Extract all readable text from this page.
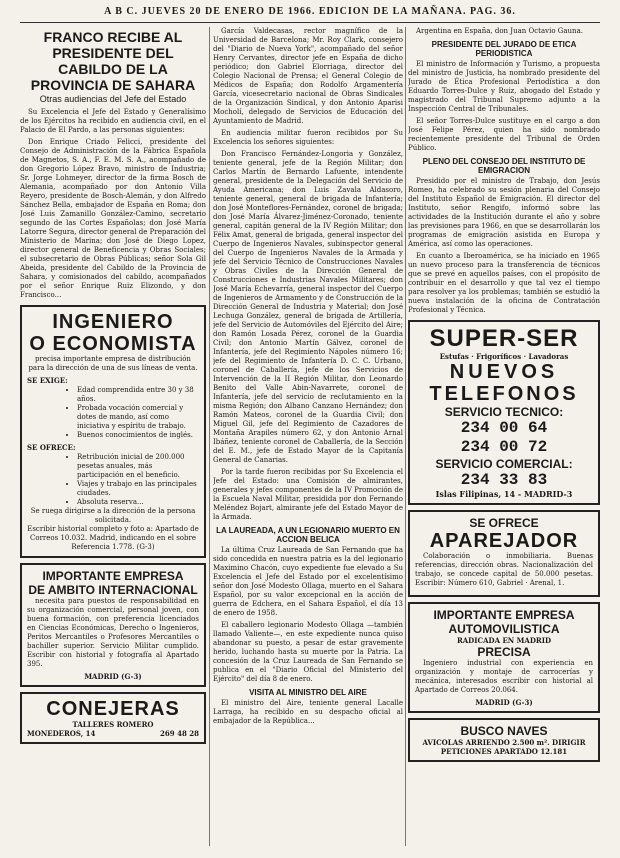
A B C. JUEVES 20 DE ENERO DE 1966. EDICION DE LA MAÑANA. PAG. 36.
FRANCO RECIBE AL PRESIDENTE DEL CABILDO DE LA PROVINCIA DE SAHARA
Otras audiencias del Jefe del Estado

Su Excelencia el Jefe del Estado y Generalísimo de los Ejércitos ha recibido en audiencia civil, en el Palacio de El Pardo, a las personas siguientes:

Don Enrique Criado Felicci, presidente del Consejo de Administración de la Fábrica Española de Magnetos, S. A., F. E. M. S. A., acompañado de don Gregorio López Bravo, ministro de Industria; Sr. Jorge Lohmeyer, director de la firma Bosch de Alemania, acompañado por don Antonio Villa Reyero, presidente de Bosch-Alemán, y don Alfredo Sánchez Bella, embajador de España en Roma; don José Luis Zamanillo González-Camino, secretario segundo de las Cortes Españolas; don José María Latorre Segura, director general de Preparación del Ministerio de Marina; don José de Diego Lopez, director general de Beneficencia y Obras Sociales; el subsecretario de Obras Públicas; señor Sola Gil Abeida, presidente del Cabildo de la Provincia de Sahara, y comisionados del cabildo, acompañados por el señor Enrique Ruiz Elizondo, y don Francisco...

INGENIERO
O ECONOMISTA
precisa importante empresa de distribución para la dirección de una de sus líneas de venta.
SE EXIGE:
• Edad comprendida entre 30 y 38 años.
• Probada vocación comercial y dotes de mando, así como iniciativa y espíritu de trabajo.
• Buenos conocimientos de inglés.
SE OFRECE:
• Retribución inicial de 200.000 pesetas anuales, más participación en el beneficio.
• Viajes y trabajo en las principales ciudades.
• Absoluta reserva...
Se ruega dirigirse a la dirección de la persona solicitada.
Escribir historial completo y foto a: Apartado de Correos 10.032. Madrid, indicando en el sobre Referencia 1.778. (G-3)
IMPORTANTE EMPRESA
DE AMBITO INTERNACIONAL

necesita para puestos de responsabilidad en su organización comercial, personal joven, con buena formación, con preferencia licenciados en Ciencias Económicas, Derecho o Ingenieros, Peritos Mercantiles o Profesores Mercantiles o bachiller superior. Servicio Militar cumplido. Escribir con historial y fotografía al Apartado 395.

MADRID (G-3)
CONEJERAS
TALLERES ROMERO
MONEDEROS, 14	269 48 28

García Valdecasas, rector magnífico de la Universidad de Barcelona; Mr. Roy Clark, consejero del "Diario de Nueva York", acompañado del señor Henry Cervantes, director jefe en España de dicho periódico; don Gabriel Elorriaga, director del Colegio Nacional de Prensa; el General Colegio de Médicos de España; don Rodolfo Argamentería García, vicesecretario nacional de Obras Sindicales de la Organización Sindical, y don Antonio Aparisi Mocholí, delegado de Servicios de Educación del Ayuntamiento de Madrid.

En audiencia militar fueron recibidos por Su Excelencia los señores siguientes:

Don Francisco Fernández-Longoria y González, teniente general, jefe de la Región Militar; don Carlos Martín de Bernardo Lafuente, intendente general, presidente de la Delegación del Servicio de Ayuda Americana; don Luis Zavala Aldasoro, teniente general, general de brigada de Infantería; don José Monteflores-Fernández, coronel de brigada; don José María Álvarez-Jiménez-Coronado, teniente general, capitán general de la IV Región Militar; don Félix Amat, general de brigada, general inspector del Cuerpo de Ingenieros Navales, subinspector general del Cuerpo de Ingenieros Navales de la Armada y jefe del Servicio Técnico de Construcciones Navales y Obras Civiles de la Dirección General de Construcciones e Industrias Navales Militares; don José María Echevarría, general inspector del Cuerpo de Ingenieros de Armamento y de Construcción de la Dirección General de Industria y Material; don José Lechuga González, general de brigada de Artillería, jefe del Servicio de Automóviles del Ejército del Aire; don Ramón Losada Pérez, coronel de la Guardia Civil; don Antonio Martín Gálvez, coronel de Infantería, jefe del Regimiento Nápoles número 16; jefe del Regimiento de Infantería D. C. C. Urbano, coronel de Caballería, jefe de los Servicios de Intervención de la II Región Militar, don Leonardo Benito del Valle Abin-Navarrete, coronel de Infantería, jefe del servicio de reclutamiento en la misma Región; don Albano Canzano Hernández; don Ramón Mateos, coronel de la Guardia Civil; don Miguel Gil, jefe del Regimiento de Cazadores de Montaña Arapiles número 62, y don Antonio Arnal Ibáñez, teniente coronel de Caballería, de la Sección del E. M., jefe de Estado Mayor de la Capitanía General de Canarias.

Por la tarde fueron recibidas por Su Excelencia el Jefe del Estado: una Comisión de almirantes, generales y jefes componentes de la IV Promoción de la Escuela Naval Militar, presidida por don Fernando Meléndez Bojart, almirante jefe del Estado Mayor de la Armada.

LA LAUREADA, A UN LEGIONARIO MUERTO EN ACCION BELICA

La última Cruz Laureada de San Fernando que ha sido concedida en nuestra patria es la del legionario Maximino Chacón, cuyo expediente fue elevado a Su Excelencia el Jefe del Estado por el excelentísimo señor don José Modesto Ollaga, muerto en el Sahara Español, por su valor excepcional en la acción de guerra de Edchera, en el Sahara Español, el día 13 de enero de 1958.

El caballero legionario Modesto Ollaga —también llamado Valiente—, en este expediente nunca quiso abandonar su puesto, a pesar de estar gravemente herido, luchando hasta su muerte por la Patria. La concesión de la Cruz Laureada de San Fernando se publica en el "Diario Oficial del Ministerio del Ejército" del día 8 de enero.

VISITA AL MINISTRO DEL AIRE

El ministro del Aire, teniente general Lacalle Larraga, ha recibido en su despacho oficial al embajador de la República...

Argentina en España, don Juan Octavio Gauna.

PRESIDENTE DEL JURADO DE ETICA PERIODISTICA

El ministro de Información y Turismo, a propuesta del ministro de Justicia, ha nombrado presidente del Jurado de Ética Profesional Periodística a don Eduardo Torres-Dulce y Ruiz, abogado del Estado y magistrado del Tribunal Supremo adjunto a la Inspección Central de Tribunales.

El señor Torres-Dulce sustituye en el cargo a don José Felipe Pérez, quien ha sido nombrado recientemente presidente del Tribunal de Orden Público.

PLENO DEL CONSEJO DEL INSTITUTO DE EMIGRACION

Presidido por el ministro de Trabajo, don Jesús Romeo, ha celebrado su sesión plenaria del Consejo del Instituto Español de Emigración. El director del Instituto, señor Rengifo, informó sobre las actividades de la Institución durante el año y sobre las previsiones para 1966, en que se desarrollarán los programas de emigración asistida en Europa y América, así como las operaciones.

En cuanto a Iberoamérica, se ha iniciado en 1965 un nuevo proceso para la transferencia de técnicos que se prevé en aquellos países, con el propósito de contribuir en el desarrollo y que tal vez el tiempo para resolver ya los problemas; también se estudió la nueva instalación de la oficina de Contratación Profesional y Técnica.

SUPER-SER
Estufas · Frigoríficos · Lavadoras
NUEVOS
TELEFONOS
SERVICIO TECNICO:
234 00 64
234 00 72
SERVICIO COMERCIAL:
234 33 83
Islas Filipinas, 14 - MADRID-3
SE OFRECE
APAREJADOR

Colaboración o inmobiliaria. Buenas referencias, dirección obras. Nacionalización del trabajo, se concede capital de 50.000 pesetas. Escribir: Número 610, Gabriel · Arenal, 1.

IMPORTANTE EMPRESA
AUTOMOVILISTICA
RADICADA EN MADRID
PRECISA

Ingeniero industrial con experiencia en organización y montaje de carrocerías y mecánica, interesados escribir con historial al Apartado de Correos 20.064.

MADRID (G-3)
BUSCO NAVES
AVICOLAS ARRIENDO 2.500 m². DIRIGIR PETICIONES APARTADO 12.181
